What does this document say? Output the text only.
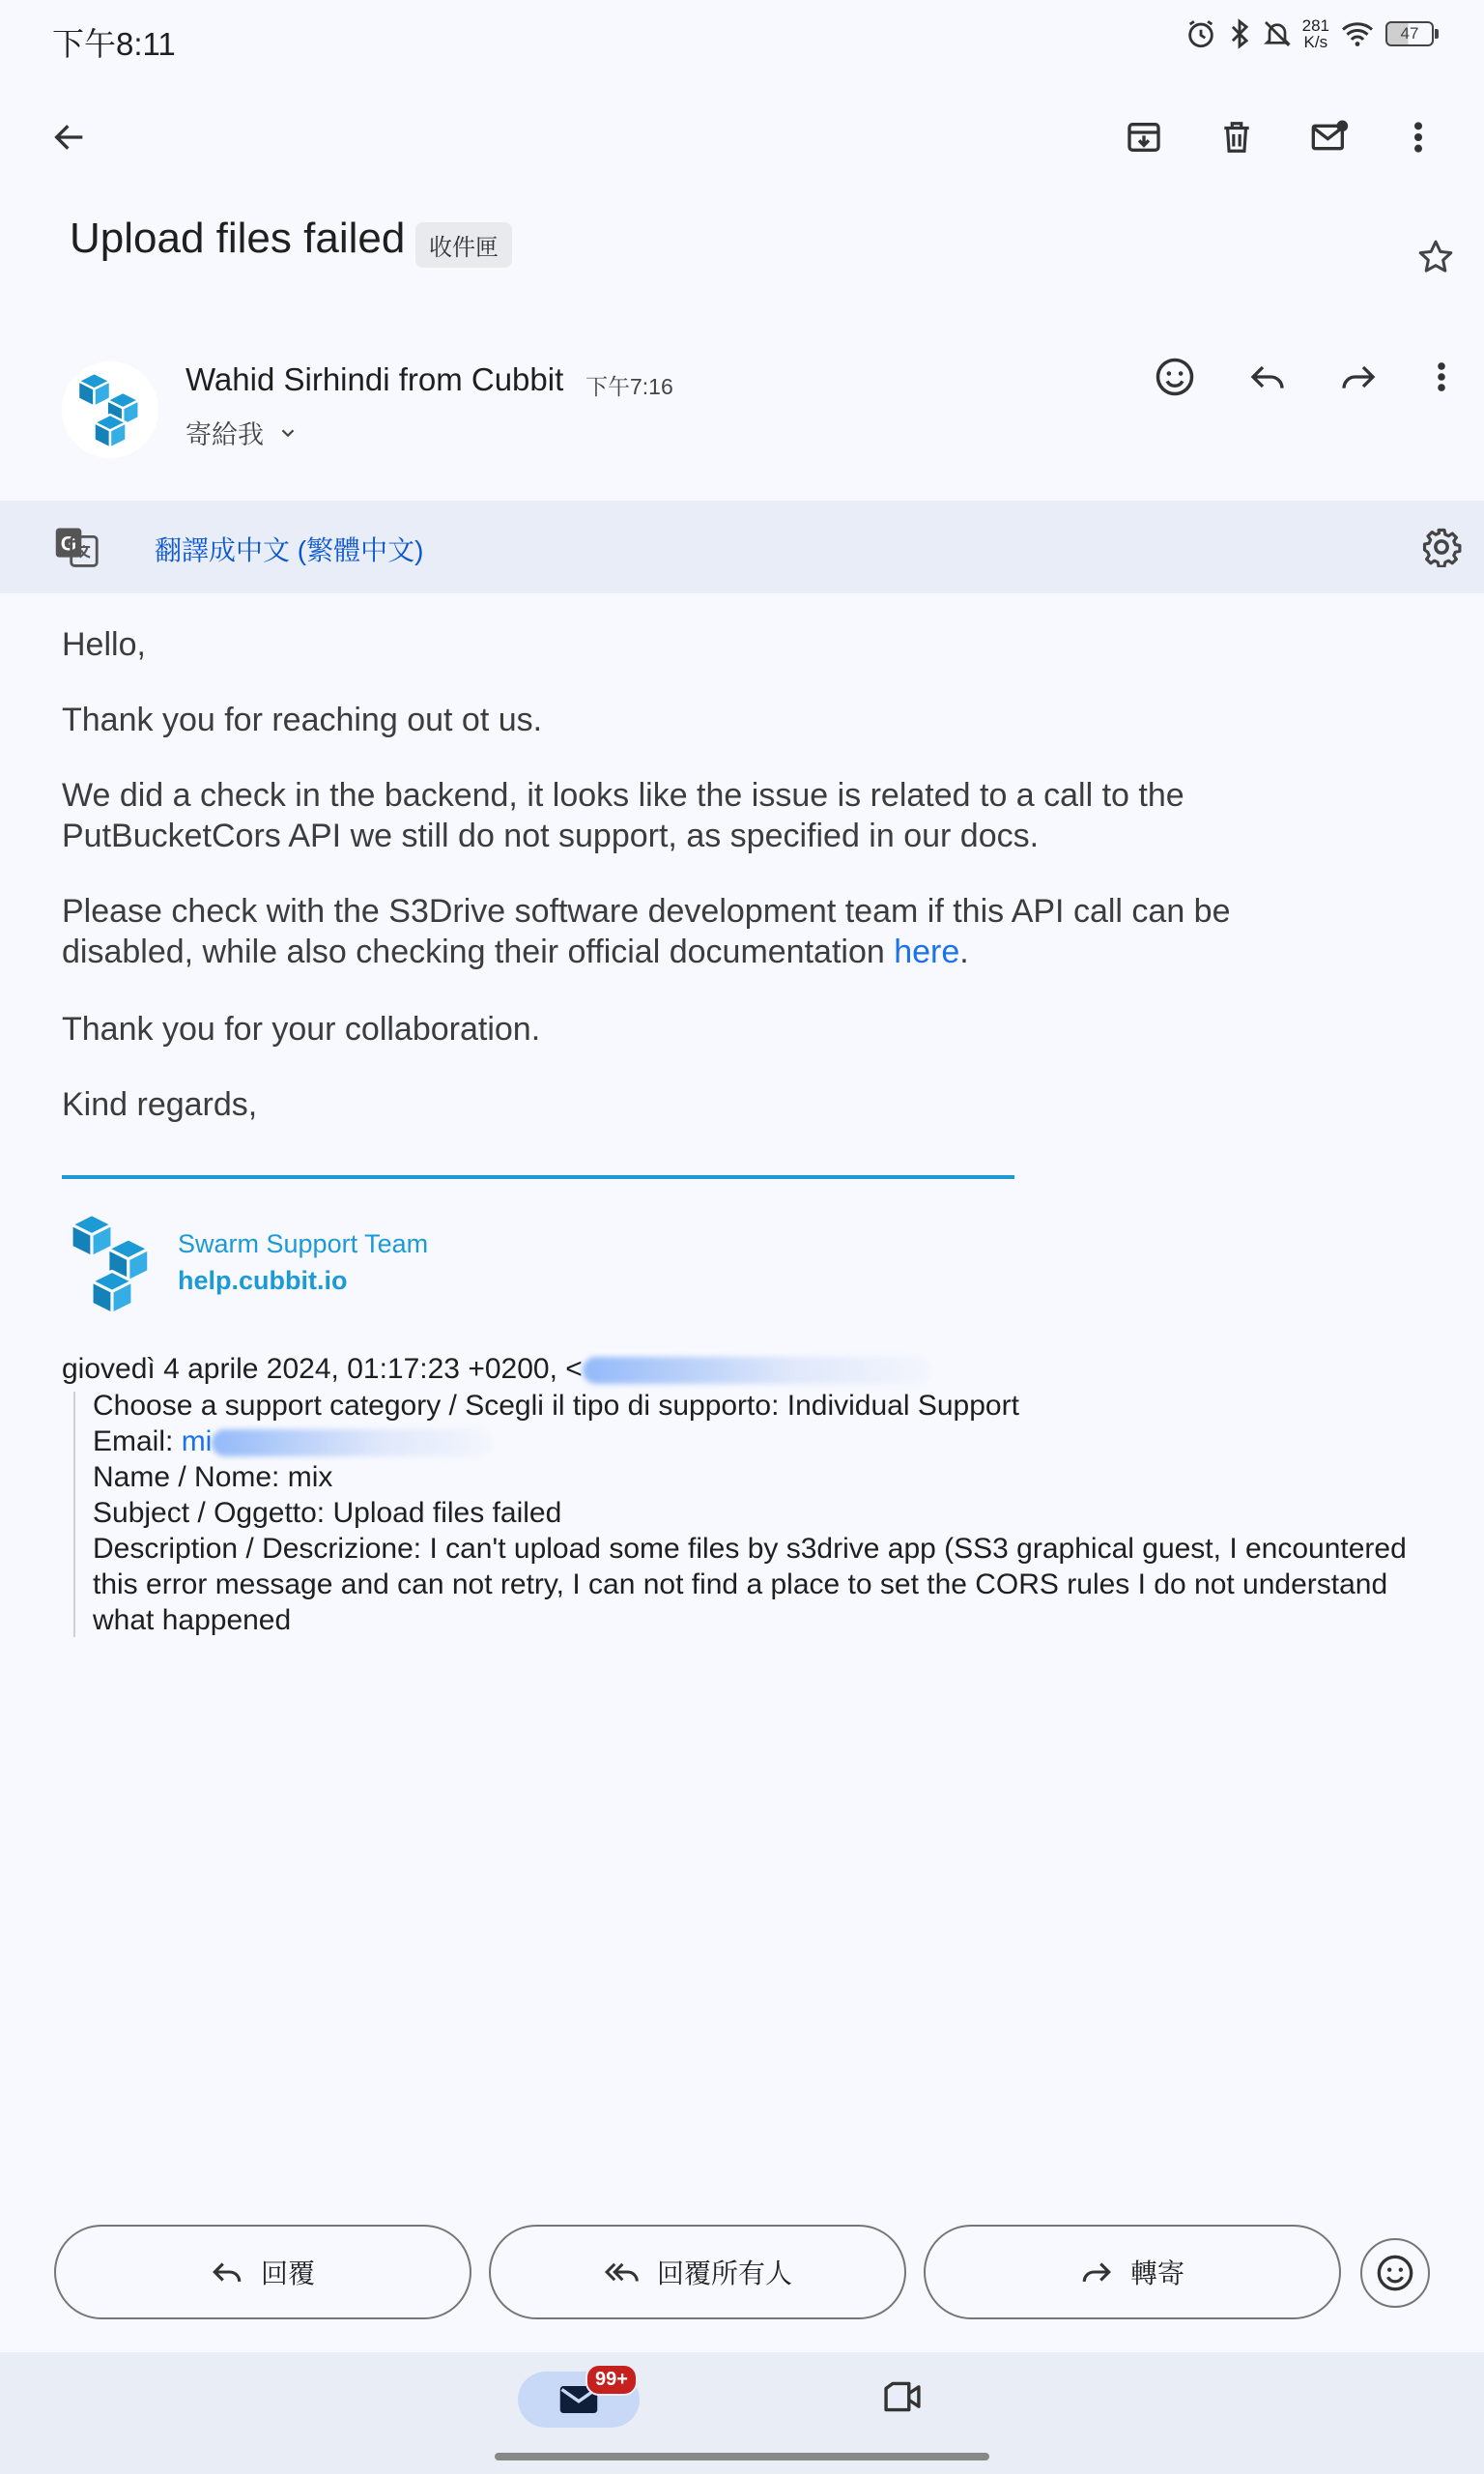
下午8:11
281
K/s	47
Upload files failed	收件匣
Wahid Sirhindi from Cubbit 下午7:16
寄給我
G	翻譯成中文 (繁體中文)
Hello,
Thank you for reaching out ot us.
We did a check in the backend, it looks like the issue is related to a call to the PutBucketCors API we still do not support, as specified in our docs.
Please check with the S3Drive software development team if this API call can be disabled, while also checking their official documentation here.
Thank you for your collaboration.
Kind regards,
Swarm Support Team
help.cubbit.io
giovedì 4 aprile 2024, 01:17:23 +0200, <
Choose a support category / Scegli il tipo di supporto: Individual Support
Email: mi
Name / Nome: mix
Subject / Oggetto: Upload files failed
Description / Descrizione: I can't upload some files by s3drive app (SS3 graphical guest, I encountered this error message and can not retry, I can not find a place to set the CORS rules I do not understand what happened
回覆	回覆所有人	轉寄
99+
